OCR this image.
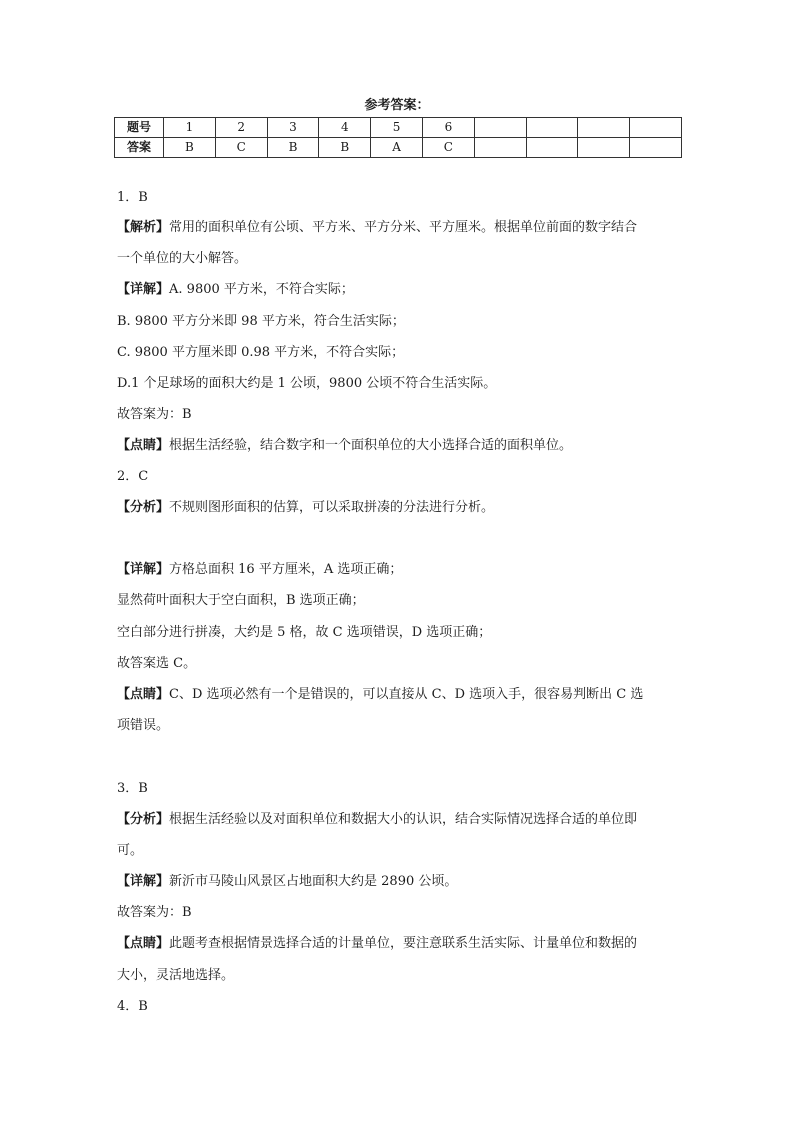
参考答案：
题号	1	2	3	4	5	6				
答案	B	C	B	B	A	C				
1．B
【解析】常用的面积单位有公顷、平方米、平方分米、平方厘米。根据单位前面的数字结合
一个单位的大小解答。
【详解】A. 9800 平方米，不符合实际；
B. 9800 平方分米即 98 平方米，符合生活实际；
C. 9800 平方厘米即 0.98 平方米，不符合实际；
D.1 个足球场的面积大约是 1 公顷，9800 公顷不符合生活实际。
故答案为：B
【点睛】根据生活经验，结合数字和一个面积单位的大小选择合适的面积单位。
2．C
【分析】不规则图形面积的估算，可以采取拼凑的分法进行分析。
【详解】方格总面积 16 平方厘米，A 选项正确；
显然荷叶面积大于空白面积，B 选项正确；
空白部分进行拼凑，大约是 5 格，故 C 选项错误，D 选项正确；
故答案选 C。
【点睛】C、D 选项必然有一个是错误的，可以直接从 C、D 选项入手，很容易判断出 C 选
项错误。
3．B
【分析】根据生活经验以及对面积单位和数据大小的认识，结合实际情况选择合适的单位即
可。
【详解】新沂市马陵山风景区占地面积大约是 2890 公顷。
故答案为：B
【点睛】此题考查根据情景选择合适的计量单位，要注意联系生活实际、计量单位和数据的
大小，灵活地选择。
4．B
